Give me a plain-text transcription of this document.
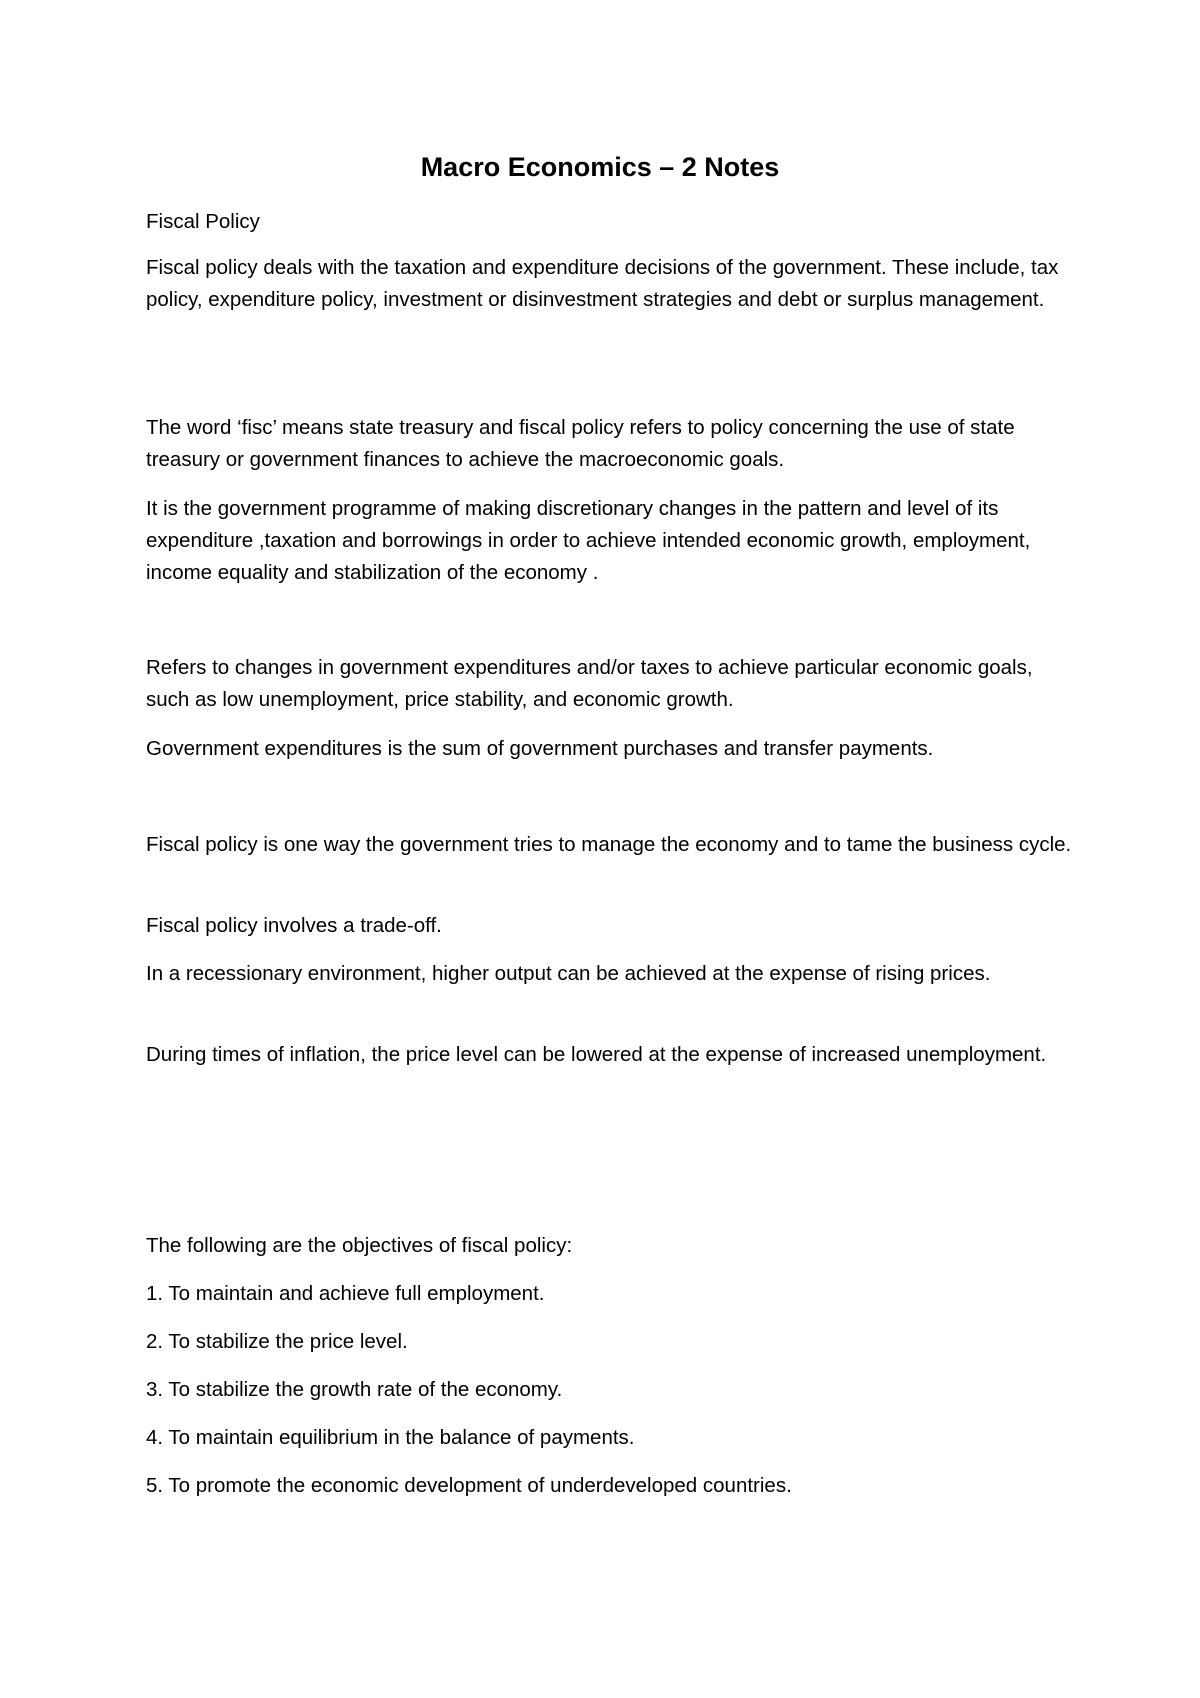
Macro Economics – 2 Notes

Fiscal Policy

Fiscal policy deals with the taxation and expenditure decisions of the government. These include, tax policy, expenditure policy, investment or disinvestment strategies and debt or surplus management.

The word ‘fisc’ means state treasury and fiscal policy refers to policy concerning the use of state treasury or government finances to achieve the macroeconomic goals.

It is the government programme of making discretionary changes in the pattern and level of its expenditure ,taxation and borrowings in order to achieve intended economic growth, employment, income equality and stabilization of the economy .

Refers to changes in government expenditures and/or taxes to achieve particular economic goals, such as low unemployment, price stability, and economic growth.

Government expenditures is the sum of government purchases and transfer payments.

Fiscal policy is one way the government tries to manage the economy and to tame the business cycle.

Fiscal policy involves a trade-off.

In a recessionary environment, higher output can be achieved at the expense of rising prices.

During times of inflation, the price level can be lowered at the expense of increased unemployment.

The following are the objectives of fiscal policy:

1. To maintain and achieve full employment.

2. To stabilize the price level.

3. To stabilize the growth rate of the economy.

4. To maintain equilibrium in the balance of payments.

5. To promote the economic development of underdeveloped countries.
